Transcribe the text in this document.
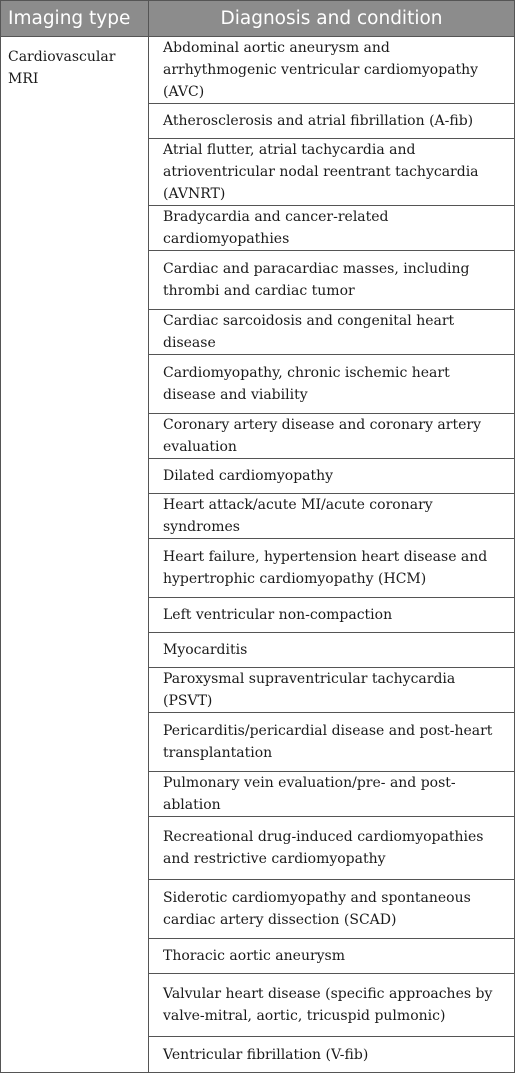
Imaging type	Diagnosis and condition
Cardiovascular MRI	Abdominal aortic aneurysm and arrhythmogenic ventricular cardiomyopathy (AVC)
	Atherosclerosis and atrial fibrillation (A-fib)
	Atrial flutter, atrial tachycardia and atrioventricular nodal reentrant tachycardia (AVNRT)
	Bradycardia and cancer-related cardiomyopathies
	Cardiac and paracardiac masses, including thrombi and cardiac tumor
	Cardiac sarcoidosis and congenital heart disease
	Cardiomyopathy, chronic ischemic heart disease and viability
	Coronary artery disease and coronary artery evaluation
	Dilated cardiomyopathy
	Heart attack/acute MI/acute coronary syndromes
	Heart failure, hypertension heart disease and hypertrophic cardiomyopathy (HCM)
	Left ventricular non-compaction
	Myocarditis
	Paroxysmal supraventricular tachycardia (PSVT)
	Pericarditis/pericardial disease and post-heart transplantation
	Pulmonary vein evaluation/pre- and post-ablation
	Recreational drug-induced cardiomyopathies and restrictive cardiomyopathy
	Siderotic cardiomyopathy and spontaneous cardiac artery dissection (SCAD)
	Thoracic aortic aneurysm
	Valvular heart disease (specific approaches by valve-mitral, aortic, tricuspid pulmonic)
	Ventricular fibrillation (V-fib)
